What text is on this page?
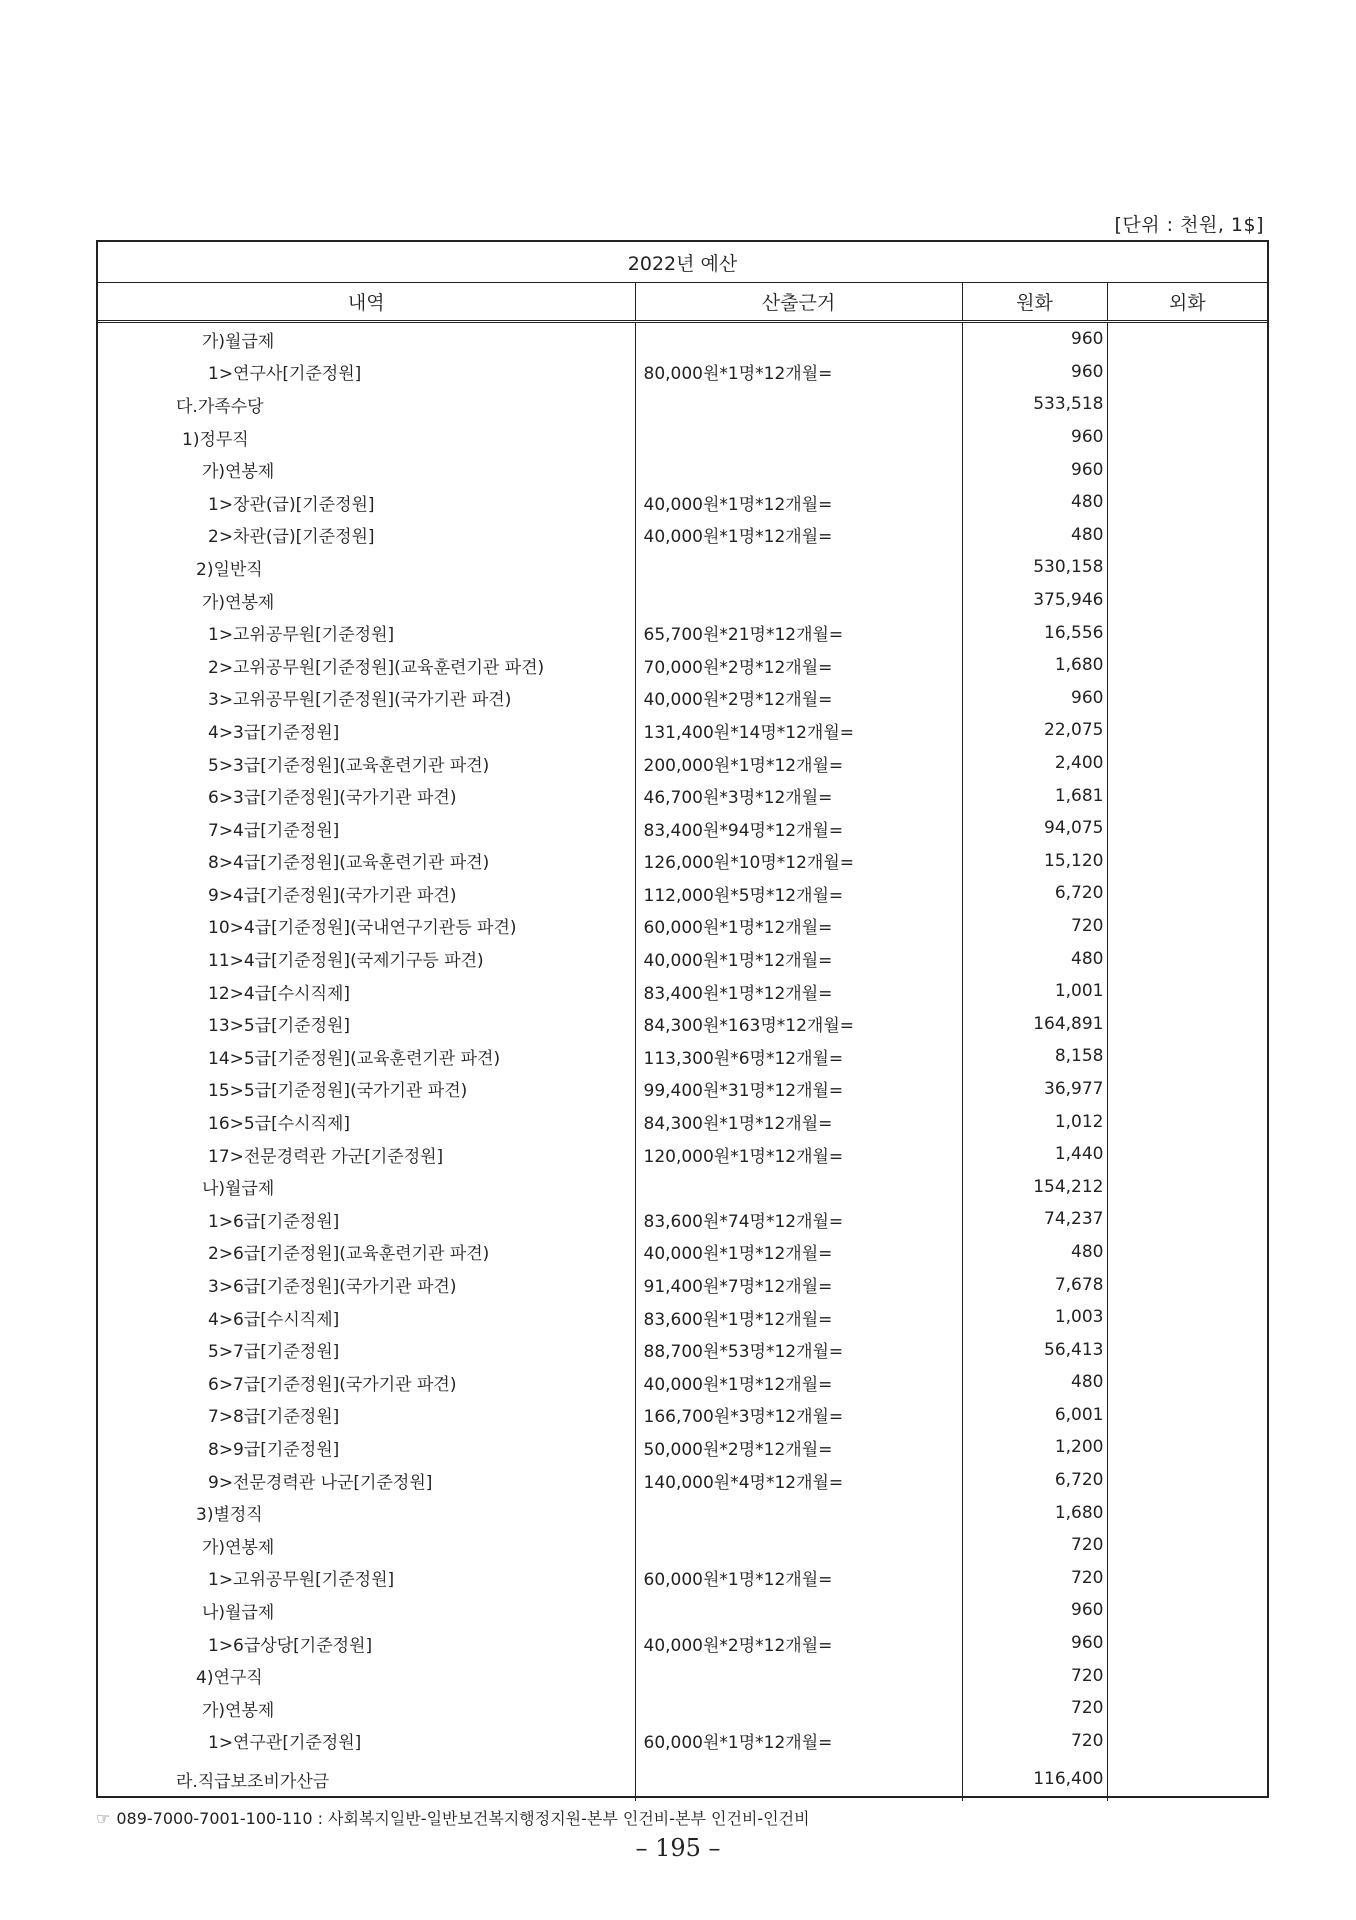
[단위 : 천원, 1$]
2022년 예산			
내역	산출근거	원화	외화
가)월급제		960	
1>연구사[기준정원]	80,000원*1명*12개월=	960	
다.가족수당		533,518	
1)정무직		960	
가)연봉제		960	
1>장관(급)[기준정원]	40,000원*1명*12개월=	480	
2>차관(급)[기준정원]	40,000원*1명*12개월=	480	
2)일반직		530,158	
가)연봉제		375,946	
1>고위공무원[기준정원]	65,700원*21명*12개월=	16,556	
2>고위공무원[기준정원](교육훈련기관 파견)	70,000원*2명*12개월=	1,680	
3>고위공무원[기준정원](국가기관 파견)	40,000원*2명*12개월=	960	
4>3급[기준정원]	131,400원*14명*12개월=	22,075	
5>3급[기준정원](교육훈련기관 파견)	200,000원*1명*12개월=	2,400	
6>3급[기준정원](국가기관 파견)	46,700원*3명*12개월=	1,681	
7>4급[기준정원]	83,400원*94명*12개월=	94,075	
8>4급[기준정원](교육훈련기관 파견)	126,000원*10명*12개월=	15,120	
9>4급[기준정원](국가기관 파견)	112,000원*5명*12개월=	6,720	
10>4급[기준정원](국내연구기관등 파견)	60,000원*1명*12개월=	720	
11>4급[기준정원](국제기구등 파견)	40,000원*1명*12개월=	480	
12>4급[수시직제]	83,400원*1명*12개월=	1,001	
13>5급[기준정원]	84,300원*163명*12개월=	164,891	
14>5급[기준정원](교육훈련기관 파견)	113,300원*6명*12개월=	8,158	
15>5급[기준정원](국가기관 파견)	99,400원*31명*12개월=	36,977	
16>5급[수시직제]	84,300원*1명*12개월=	1,012	
17>전문경력관 가군[기준정원]	120,000원*1명*12개월=	1,440	
나)월급제		154,212	
1>6급[기준정원]	83,600원*74명*12개월=	74,237	
2>6급[기준정원](교육훈련기관 파견)	40,000원*1명*12개월=	480	
3>6급[기준정원](국가기관 파견)	91,400원*7명*12개월=	7,678	
4>6급[수시직제]	83,600원*1명*12개월=	1,003	
5>7급[기준정원]	88,700원*53명*12개월=	56,413	
6>7급[기준정원](국가기관 파견)	40,000원*1명*12개월=	480	
7>8급[기준정원]	166,700원*3명*12개월=	6,001	
8>9급[기준정원]	50,000원*2명*12개월=	1,200	
9>전문경력관 나군[기준정원]	140,000원*4명*12개월=	6,720	
3)별정직		1,680	
가)연봉제		720	
1>고위공무원[기준정원]	60,000원*1명*12개월=	720	
나)월급제		960	
1>6급상당[기준정원]	40,000원*2명*12개월=	960	
4)연구직		720	
가)연봉제		720	
1>연구관[기준정원]	60,000원*1명*12개월=	720	
라.직급보조비가산금		116,400	
☞ 089-7000-7001-100-110 : 사회복지일반-일반보건복지행정지원-본부 인건비-본부 인건비-인건비
– 195 –
